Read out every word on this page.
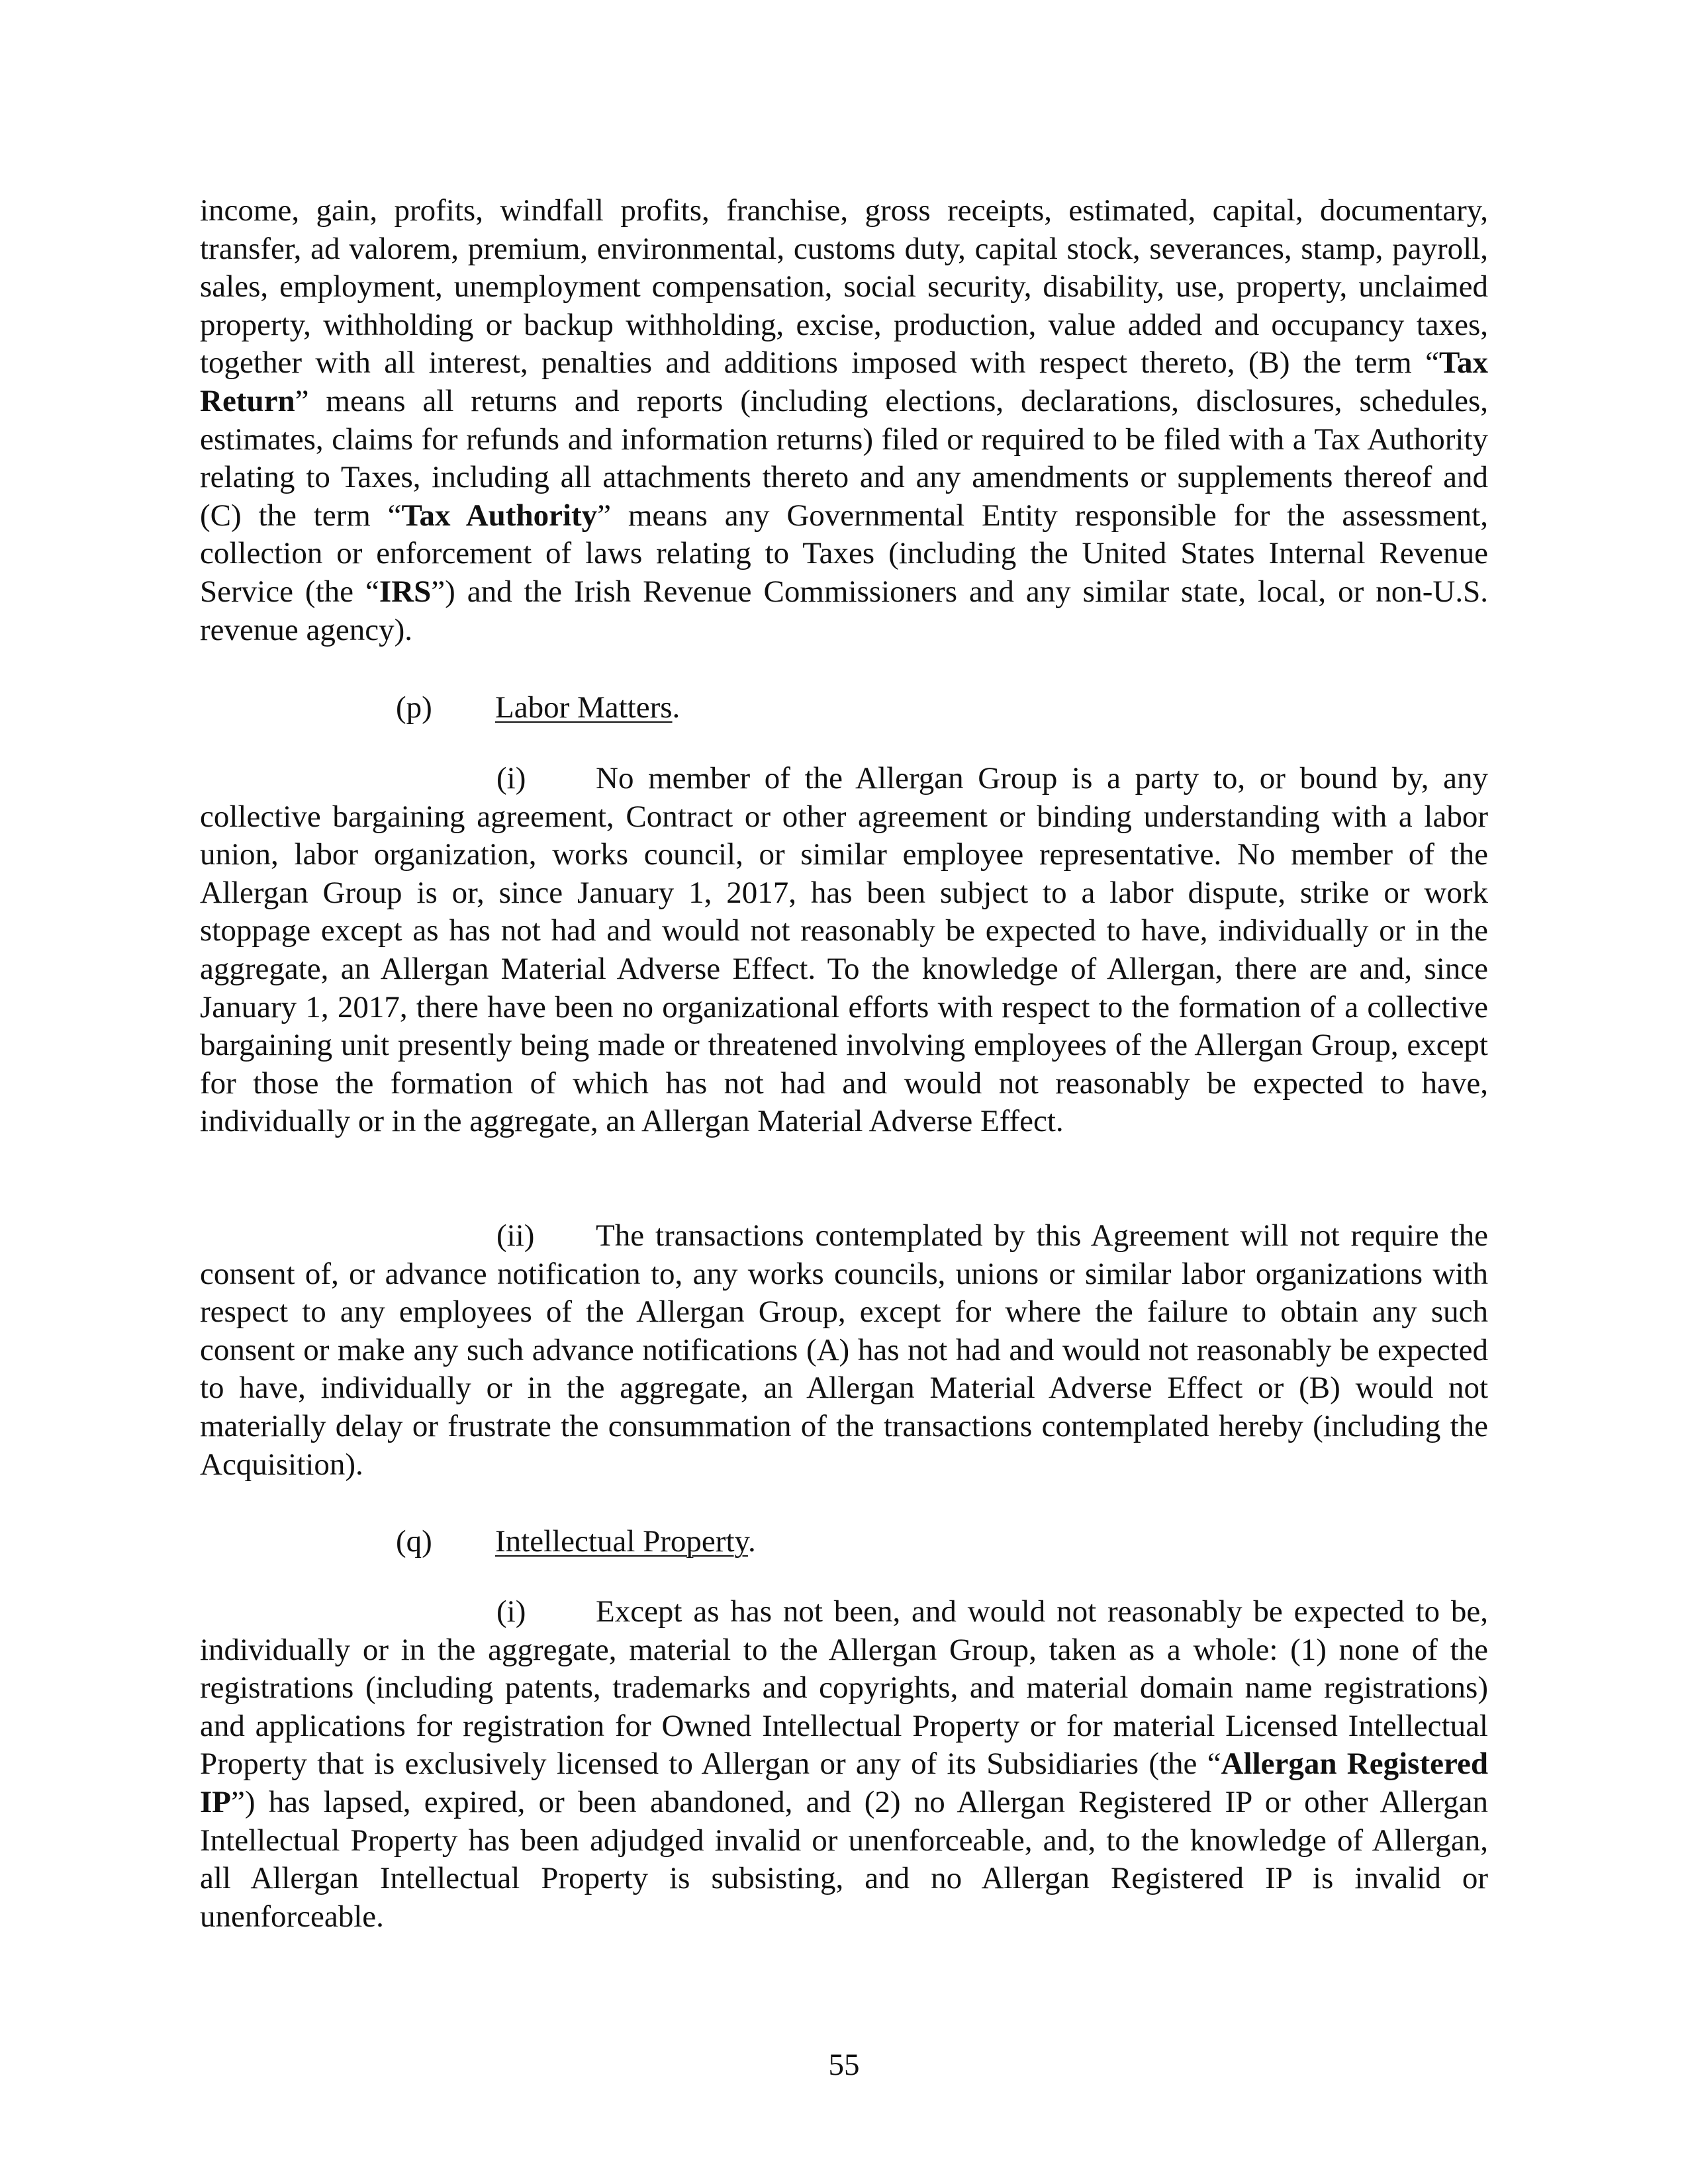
income, gain, profits, windfall profits, franchise, gross receipts, estimated, capital, documentary, transfer, ad valorem, premium, environmental, customs duty, capital stock, severances, stamp, payroll, sales, employment, unemployment compensation, social security, disability, use, property, unclaimed property, withholding or backup withholding, excise, production, value added and occupancy taxes, together with all interest, penalties and additions imposed with respect thereto, (B) the term “Tax Return” means all returns and reports (including elections, declarations, disclosures, schedules, estimates, claims for refunds and information returns) filed or required to be filed with a Tax Authority relating to Taxes, including all attachments thereto and any amendments or supplements thereof and (C) the term “Tax Authority” means any Governmental Entity responsible for the assessment, collection or enforcement of laws relating to Taxes (including the United States Internal Revenue Service (the “IRS”) and the Irish Revenue Commissioners and any similar state, local, or non-U.S. revenue agency).

(p) Labor Matters.
(i)	No member of the Allergan Group is a party to, or bound by, any collective bargaining agreement, Contract or other agreement or binding understanding with a labor union, labor organization, works council, or similar employee representative. No member of the Allergan Group is or, since January 1, 2017, has been subject to a labor dispute, strike or work stoppage except as has not had and would not reasonably be expected to have, individually or in the aggregate, an Allergan Material Adverse Effect. To the knowledge of Allergan, there are and, since January 1, 2017, there have been no organizational efforts with respect to the formation of a collective bargaining unit presently being made or threatened involving employees of the Allergan Group, except for those the formation of which has not had and would not reasonably be expected to have, individually or in the aggregate, an Allergan Material Adverse Effect.

(ii)	The transactions contemplated by this Agreement will not require the consent of, or advance notification to, any works councils, unions or similar labor organizations with respect to any employees of the Allergan Group, except for where the failure to obtain any such consent or make any such advance notifications (A) has not had and would not reasonably be expected to have, individually or in the aggregate, an Allergan Material Adverse Effect or (B) would not materially delay or frustrate the consummation of the transactions contemplated hereby (including the Acquisition).

(q) Intellectual Property.
(i)	Except as has not been, and would not reasonably be expected to be, individually or in the aggregate, material to the Allergan Group, taken as a whole: (1) none of the registrations (including patents, trademarks and copyrights, and material domain name registrations) and applications for registration for Owned Intellectual Property or for material Licensed Intellectual Property that is exclusively licensed to Allergan or any of its Subsidiaries (the “Allergan Registered IP”) has lapsed, expired, or been abandoned, and (2) no Allergan Registered IP or other Allergan Intellectual Property has been adjudged invalid or unenforceable, and, to the knowledge of Allergan, all Allergan Intellectual Property is subsisting, and no Allergan Registered IP is invalid or unenforceable.

55
